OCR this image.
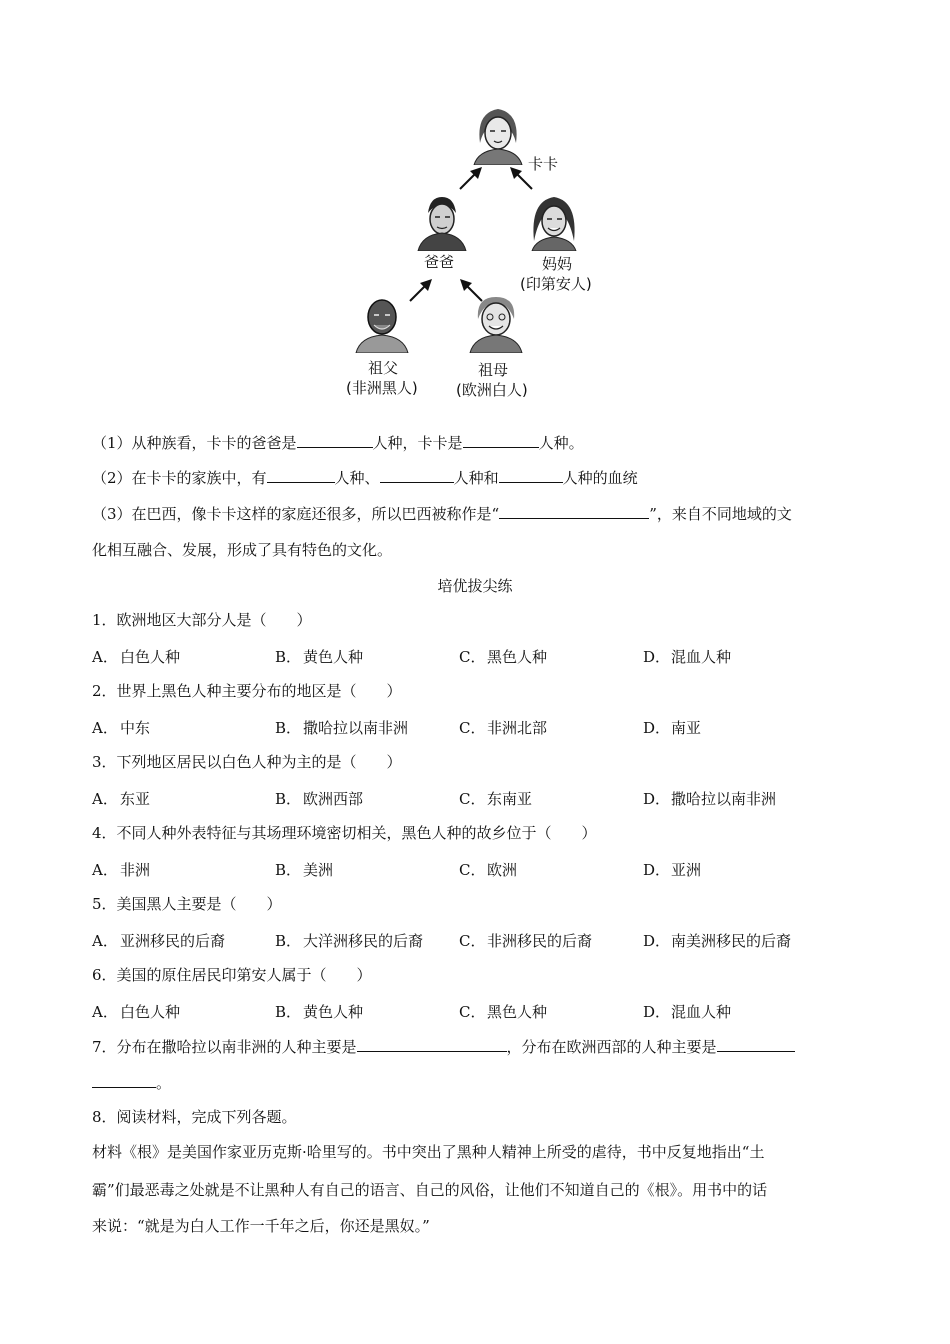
卡卡
爸爸	妈妈
(印第安人)
祖父
(非洲黑人)
祖母
(欧洲白人)
（1）从种族看，卡卡的爸爸是	人种，卡卡是	人种。
（2）在卡卡的家族中，有	人种、	人种和	人种的血统
（3）在巴西，像卡卡这样的家庭还很多，所以巴西被称作是“	”，来自不同地域的文
化相互融合、发展，形成了具有特色的文化。
培优拔尖练
1．欧洲地区大部分人是（　　）
A． 白色人种	B． 黄色人种	C． 黑色人种	D．混血人种
2．世界上黑色人种主要分布的地区是（　　）
A． 中东	B． 撒哈拉以南非洲	C． 非洲北部	D．南亚
3．下列地区居民以白色人种为主的是（　　）
A． 东亚	B． 欧洲西部	C． 东南亚	D．撒哈拉以南非洲
4．不同人种外表特征与其场理环境密切相关，黑色人种的故乡位于（　　）
A． 非洲	B． 美洲	C． 欧洲	D．亚洲
5．美国黑人主要是（　　）
A． 亚洲移民的后裔	B． 大洋洲移民的后裔 C． 非洲移民的后裔	D．南美洲移民的后裔
6．美国的原住居民印第安人属于（　　）
A． 白色人种	B． 黄色人种	C． 黑色人种	D．混血人种
7．分布在撒哈拉以南非洲的人种主要是	，分布在欧洲西部的人种主要是
。
8．阅读材料，完成下列各题。
材料《根》是美国作家亚历克斯·哈里写的。书中突出了黑种人精神上所受的虐待，书中反复地指出“土
霸”们最恶毒之处就是不让黑种人有自己的语言、自己的风俗，让他们不知道自己的《根》。用书中的话
来说：“就是为白人工作一千年之后，你还是黑奴。”
